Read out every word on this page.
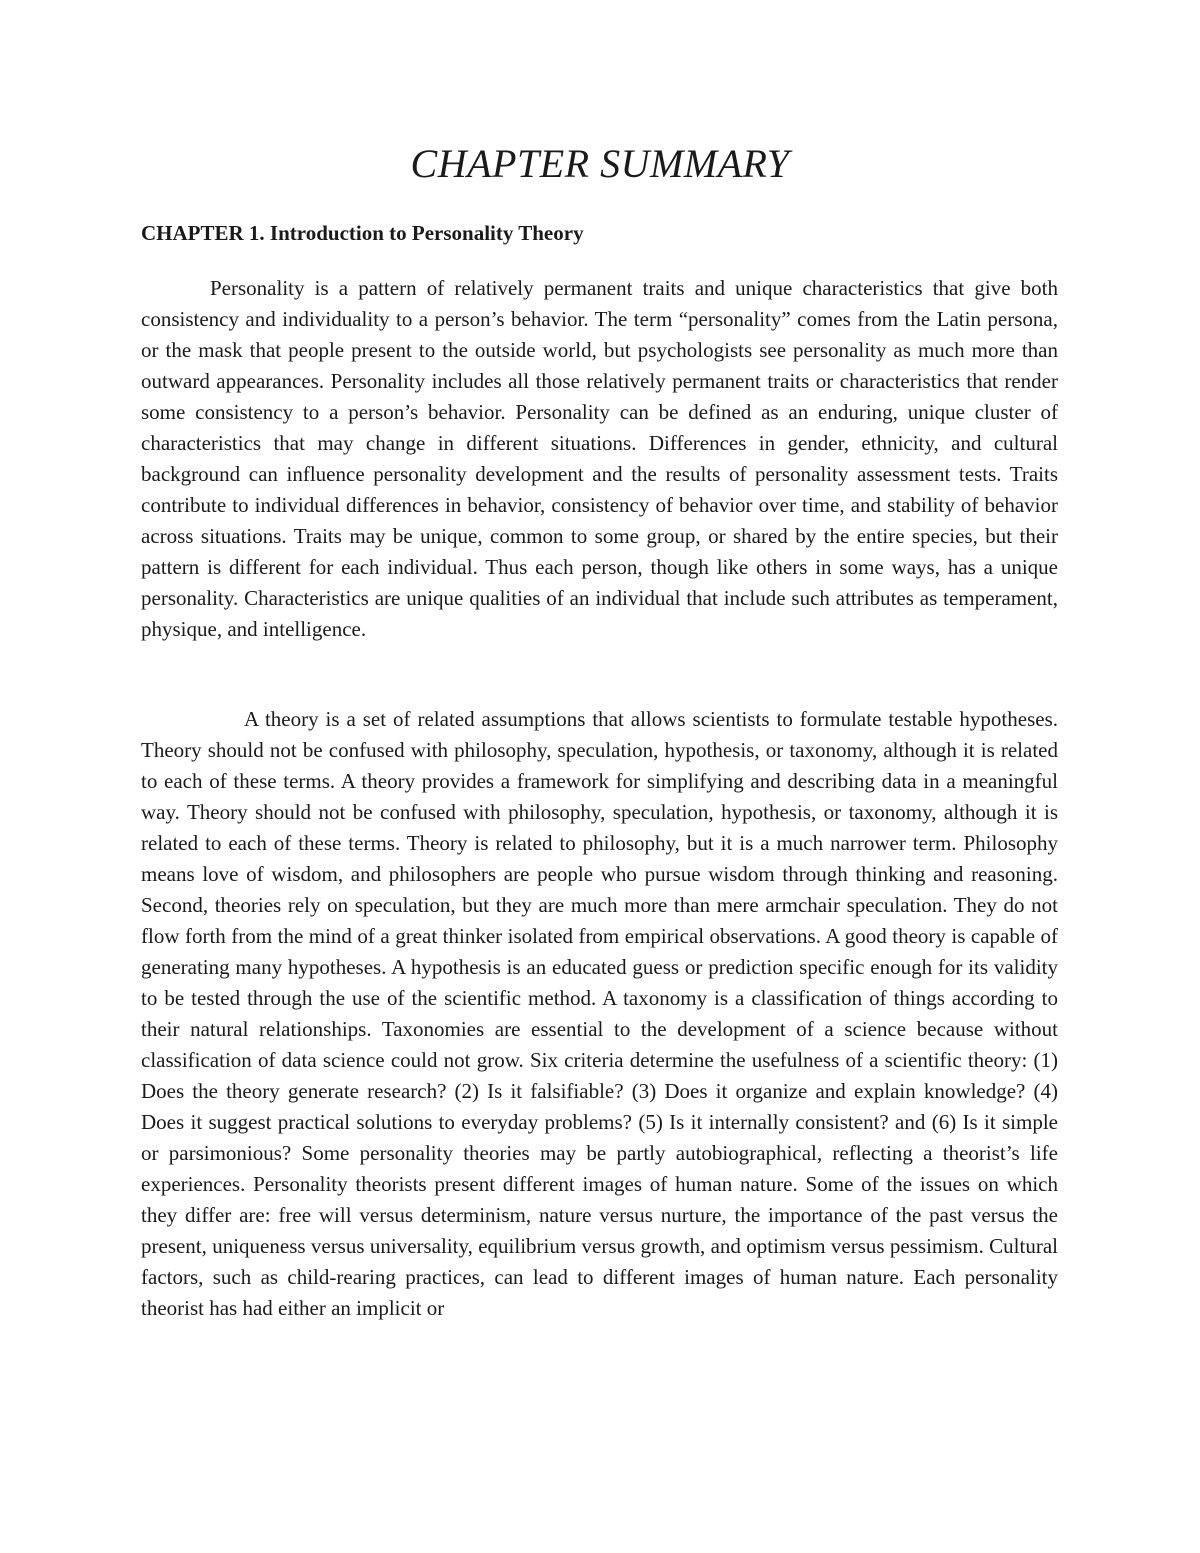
CHAPTER SUMMARY
CHAPTER 1. Introduction to Personality Theory

Personality is a pattern of relatively permanent traits and unique characteristics that give both consistency and individuality to a person’s behavior. The term “personality” comes from the Latin persona, or the mask that people present to the outside world, but psychologists see personality as much more than outward appearances. Personality includes all those relatively permanent traits or characteristics that render some consistency to a person’s behavior. Personality can be defined as an enduring, unique cluster of characteristics that may change in different situations. Differences in gender, ethnicity, and cultural background can influence personality development and the results of personality assessment tests. Traits contribute to individual differences in behavior, consistency of behavior over time, and stability of behavior across situations. Traits may be unique, common to some group, or shared by the entire species, but their pattern is different for each individual. Thus each person, though like others in some ways, has a unique personality. Characteristics are unique qualities of an individual that include such attributes as temperament, physique, and intelligence.

A theory is a set of related assumptions that allows scientists to formulate testable hypotheses. Theory should not be confused with philosophy, speculation, hypothesis, or taxonomy, although it is related to each of these terms. A theory provides a framework for simplifying and describing data in a meaningful way. Theory should not be confused with philosophy, speculation, hypothesis, or taxonomy, although it is related to each of these terms. Theory is related to philosophy, but it is a much narrower term. Philosophy means love of wisdom, and philosophers are people who pursue wisdom through thinking and reasoning. Second, theories rely on speculation, but they are much more than mere armchair speculation. They do not flow forth from the mind of a great thinker isolated from empirical observations. A good theory is capable of generating many hypotheses. A hypothesis is an educated guess or prediction specific enough for its validity to be tested through the use of the scientific method. A taxonomy is a classification of things according to their natural relationships. Taxonomies are essential to the development of a science because without classification of data science could not grow. Six criteria determine the usefulness of a scientific theory: (1) Does the theory generate research? (2) Is it falsifiable? (3) Does it organize and explain knowledge? (4) Does it suggest practical solutions to everyday problems? (5) Is it internally consistent? and (6) Is it simple or parsimonious? Some personality theories may be partly autobiographical, reflecting a theorist’s life experiences. Personality theorists present different images of human nature. Some of the issues on which they differ are: free will versus determinism, nature versus nurture, the importance of the past versus the present, uniqueness versus universality, equilibrium versus growth, and optimism versus pessimism. Cultural factors, such as child-rearing practices, can lead to different images of human nature. Each personality theorist has had either an implicit or
